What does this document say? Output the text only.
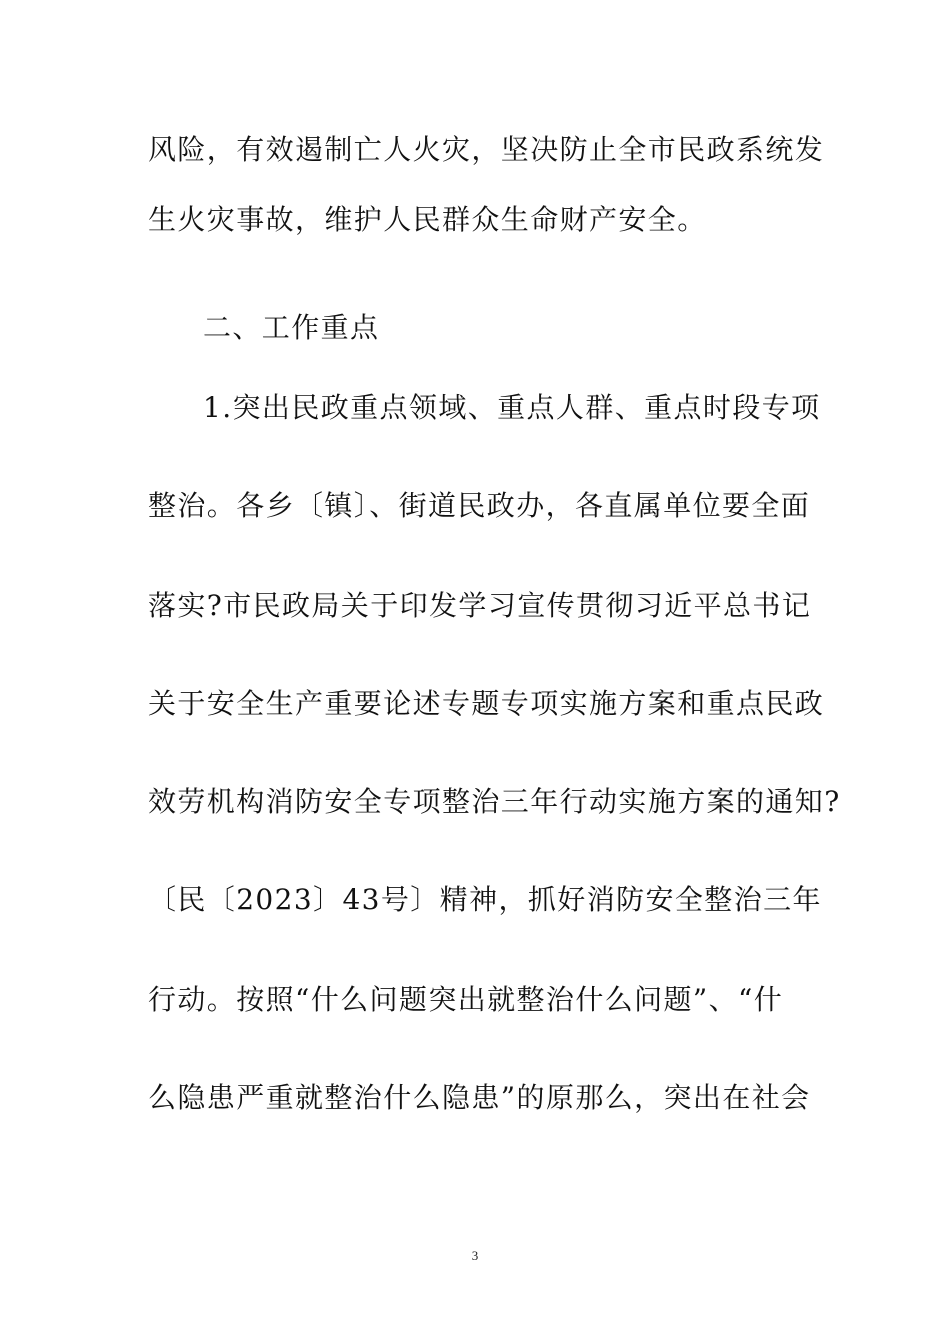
风险，有效遏制亡人火灾，坚决防止全市民政系统发
生火灾事故，维护人民群众生命财产安全。
二、工作重点
1.突出民政重点领域、重点人群、重点时段专项
整治。各乡〔镇〕、街道民政办，各直属单位要全面
落实?市民政局关于印发学习宣传贯彻习近平总书记
关于安全生产重要论述专题专项实施方案和重点民政
效劳机构消防安全专项整治三年行动实施方案的通知?
〔民〔2023〕43号〕精神，抓好消防安全整治三年
行动。按照“什么问题突出就整治什么问题”、“什
么隐患严重就整治什么隐患”的原那么，突出在社会
3
